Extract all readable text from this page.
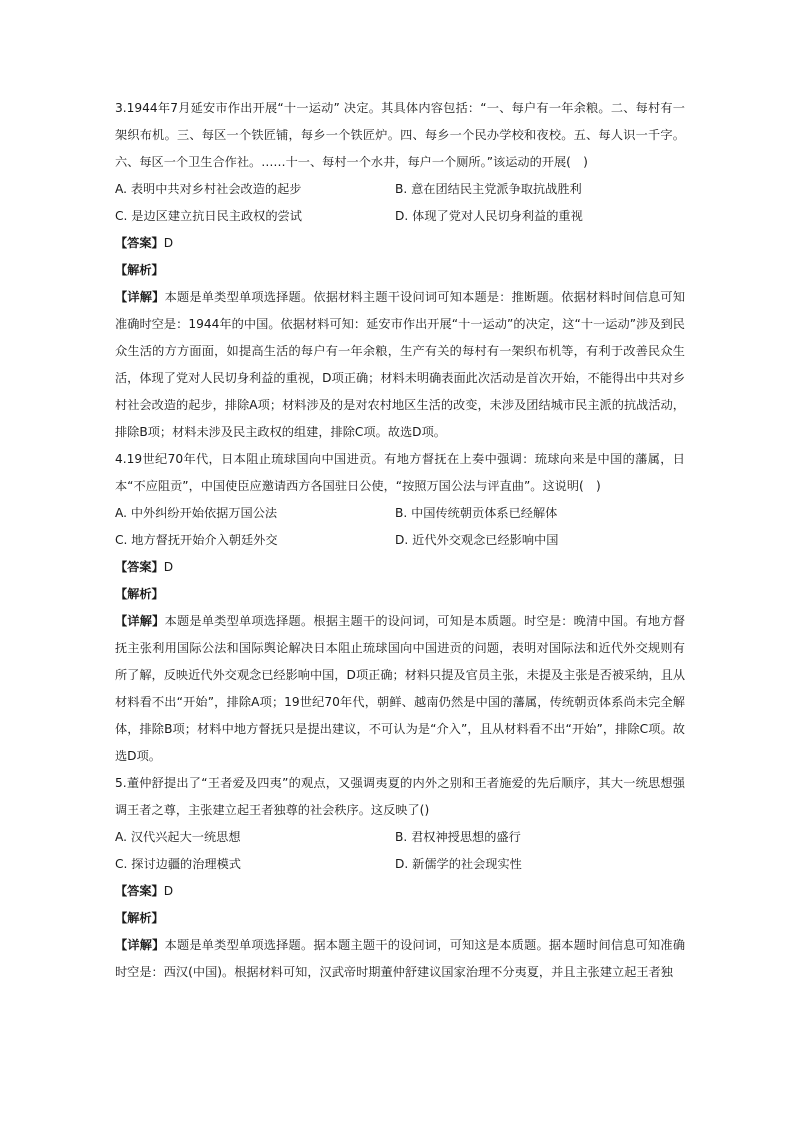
3.1944年7月延安市作出开展“十一运动” 决定。其具体内容包括：“一、每户有一年余粮。二、每村有一架织布机。三、每区一个铁匠铺，每乡一个铁匠炉。四、每乡一个民办学校和夜校。五、每人识一千字。六、每区一个卫生合作社。……十一、每村一个水井，每户一个厕所。”该运动的开展(　)

A. 表明中共对乡村社会改造的起步	B. 意在团结民主党派争取抗战胜利
C. 是边区建立抗日民主政权的尝试	D. 体现了党对人民切身利益的重视

【答案】D

【解析】

【详解】本题是单类型单项选择题。依据材料主题干设问词可知本题是：推断题。依据材料时间信息可知准确时空是：1944年的中国。依据材料可知：延安市作出开展“十一运动”的决定，这“十一运动”涉及到民众生活的方方面面，如提高生活的每户有一年余粮，生产有关的每村有一架织布机等，有利于改善民众生活，体现了党对人民切身利益的重视，D项正确；材料未明确表面此次活动是首次开始，不能得出中共对乡村社会改造的起步，排除A项；材料涉及的是对农村地区生活的改变，未涉及团结城市民主派的抗战活动，排除B项；材料未涉及民主政权的组建，排除C项。故选D项。

4.19世纪70年代，日本阻止琉球国向中国进贡。有地方督抚在上奏中强调：琉球向来是中国的藩属，日本“不应阻贡”，中国使臣应邀请西方各国驻日公使，“按照万国公法与评直曲”。这说明(　)

A. 中外纠纷开始依据万国公法	B. 中国传统朝贡体系已经解体
C. 地方督抚开始介入朝廷外交	D. 近代外交观念已经影响中国

【答案】D

【解析】

【详解】本题是单类型单项选择题。根据主题干的设问词，可知是本质题。时空是：晚清中国。有地方督抚主张利用国际公法和国际舆论解决日本阻止琉球国向中国进贡的问题，表明对国际法和近代外交规则有所了解，反映近代外交观念已经影响中国，D项正确；材料只提及官员主张，未提及主张是否被采纳，且从材料看不出“开始”，排除A项；19世纪70年代，朝鲜、越南仍然是中国的藩属，传统朝贡体系尚未完全解体，排除B项；材料中地方督抚只是提出建议，不可认为是“介入”，且从材料看不出“开始”，排除C项。故选D项。

5.董仲舒提出了“王者爱及四夷”的观点，又强调夷夏的内外之别和王者施爱的先后顺序，其大一统思想强调王者之尊，主张建立起王者独尊的社会秩序。这反映了()

A. 汉代兴起大一统思想	B. 君权神授思想的盛行
C. 探讨边疆的治理模式	D. 新儒学的社会现实性

【答案】D

【解析】

【详解】本题是单类型单项选择题。据本题主题干的设问词，可知这是本质题。据本题时间信息可知准确时空是：西汉(中国)。根据材料可知，汉武帝时期董仲舒建议国家治理不分夷夏，并且主张建立起王者独
